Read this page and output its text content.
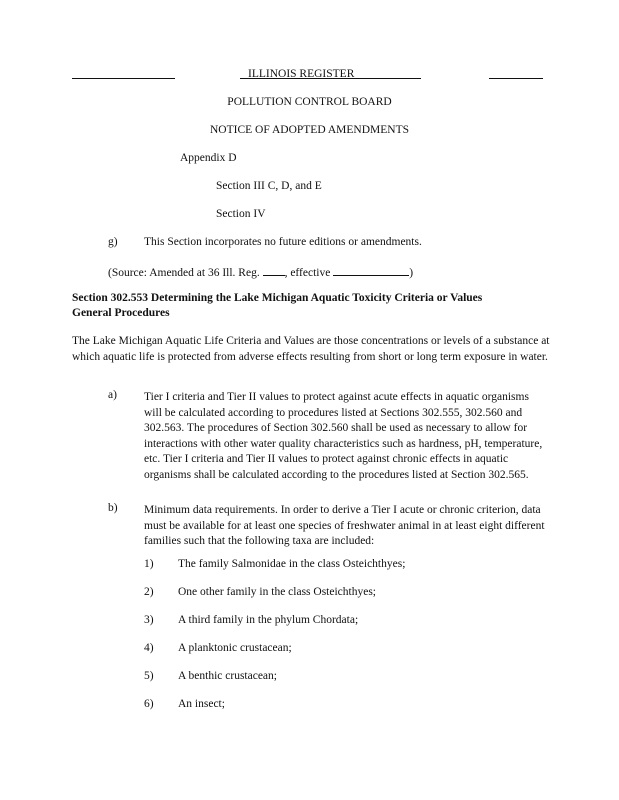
ILLINOIS REGISTER
POLLUTION CONTROL BOARD
NOTICE OF ADOPTED AMENDMENTS
Appendix D
Section III C, D, and E
Section IV
g) This Section incorporates no future editions or amendments.
(Source: Amended at 36 Ill. Reg. , effective	)
Section 302.553 Determining the Lake Michigan Aquatic Toxicity Criteria or Values
General Procedures
The Lake Michigan Aquatic Life Criteria and Values are those concentrations or levels of a substance at which aquatic life is protected from adverse effects resulting from short or long term exposure in water.
a) Tier I criteria and Tier II values to protect against acute effects in aquatic organisms will be calculated according to procedures listed at Sections 302.555, 302.560 and 302.563. The procedures of Section 302.560 shall be used as necessary to allow for interactions with other water quality characteristics such as hardness, pH, temperature, etc. Tier I criteria and Tier II values to protect against chronic effects in aquatic organisms shall be calculated according to the procedures listed at Section 302.565.
b) Minimum data requirements. In order to derive a Tier I acute or chronic criterion, data must be available for at least one species of freshwater animal in at least eight different families such that the following taxa are included:
1) The family Salmonidae in the class Osteichthyes;
2) One other family in the class Osteichthyes;
3) A third family in the phylum Chordata;
4) A planktonic crustacean;
5) A benthic crustacean;
6) An insect;
